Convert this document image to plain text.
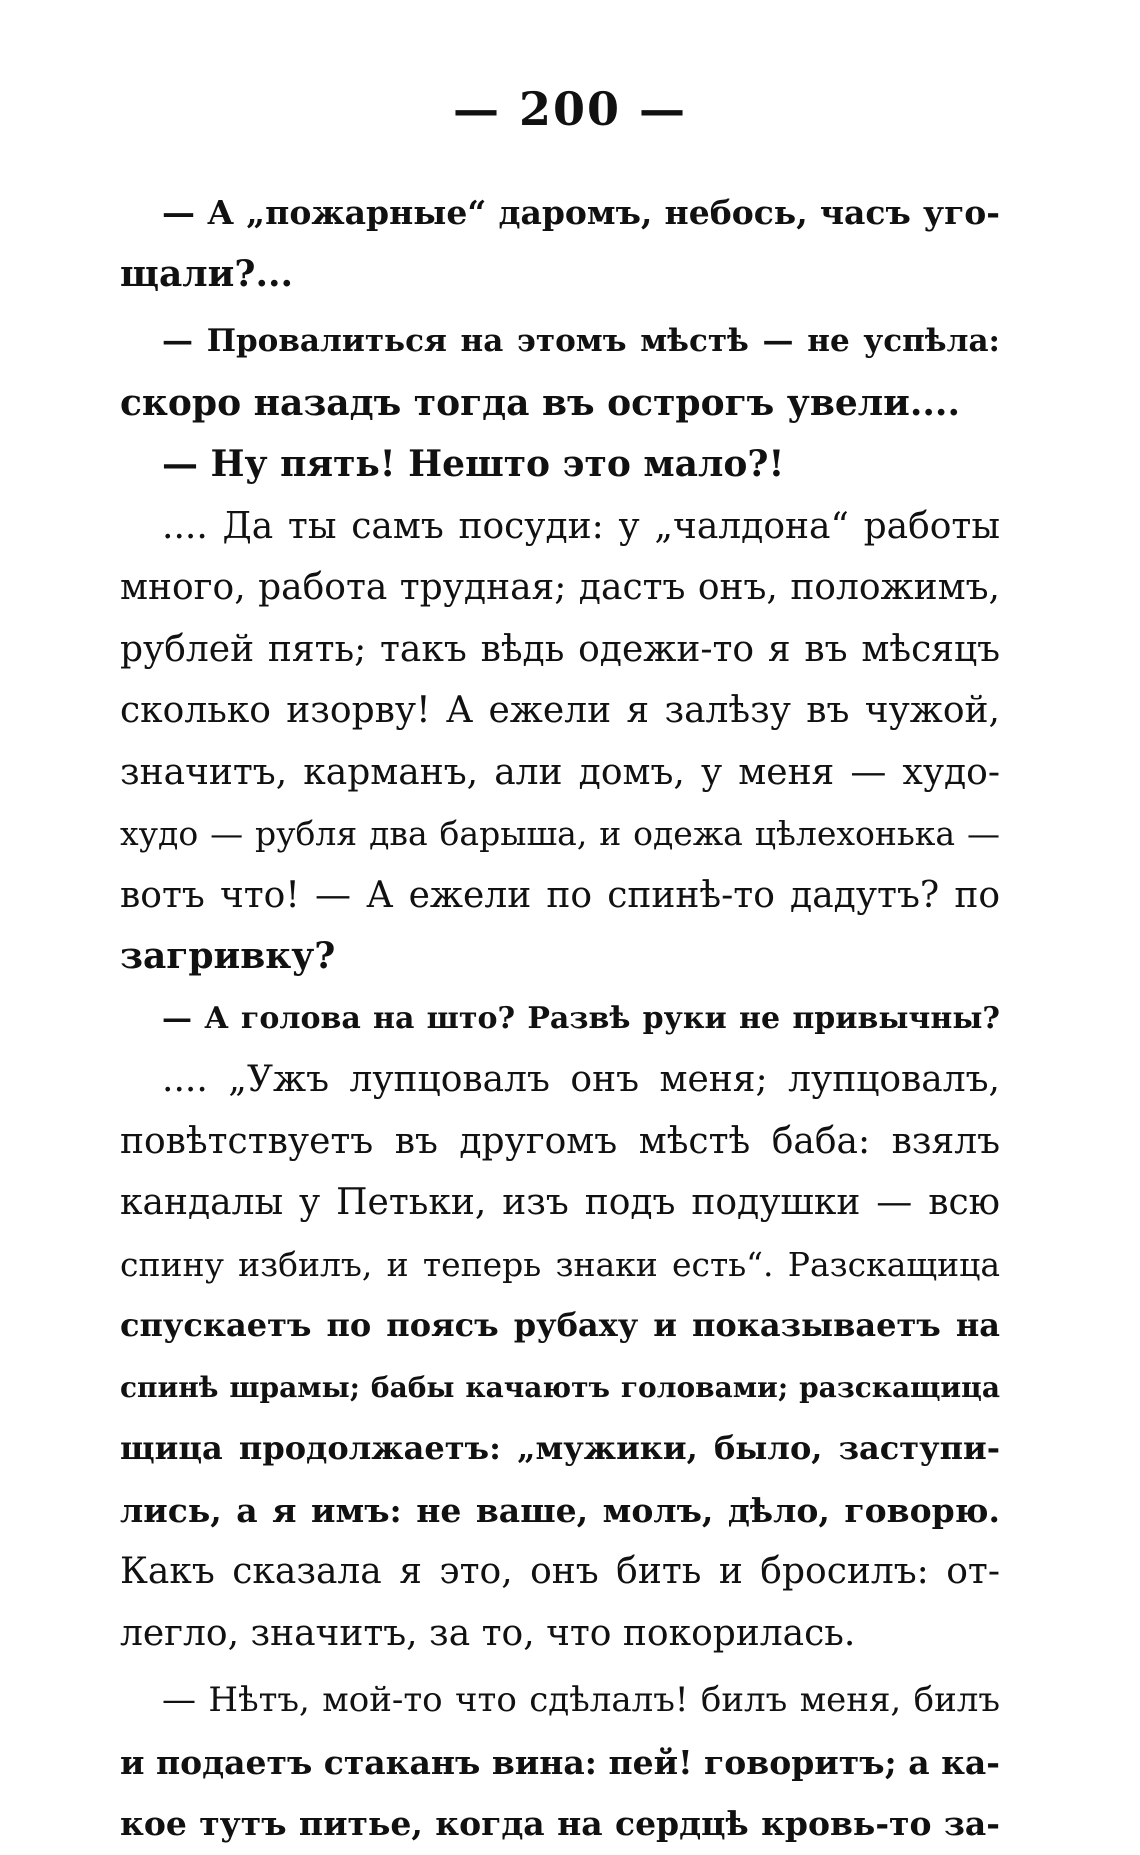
— 200 —
— А „пожарные“ даромъ, небось, часъ уго-
щали?...
— Провалиться на этомъ мѣстѣ — не успѣла:
скоро назадъ тогда въ острогъ увели....
— Ну пять! Нешто это мало?!
.... Да ты самъ посуди: у „чалдона“ работы
много, работа трудная; дастъ онъ, положимъ,
рублей пять; такъ вѣдь одежи-то я въ мѣсяцъ
сколько изорву! А ежели я залѣзу въ чужой,
значитъ, карманъ, али домъ, у меня — худо-
худо — рубля два барыша, и одежа цѣлехонька —
вотъ что! — А ежели по спинѣ-то дадутъ? по
загривку?
— А голова на што? Развѣ руки не привычны?
.... „Ужъ лупцовалъ онъ меня; лупцовалъ,
повѣтствуетъ въ другомъ мѣстѣ баба: взялъ
кандалы у Петьки, изъ подъ подушки — всю
спину избилъ, и теперь знаки есть“. Разскащица
спускаетъ по поясъ рубаху и показываетъ на
спинѣ шрамы; бабы качаютъ головами; разскащица
щица продолжаетъ: „мужики, было, заступи-
лись, а я имъ: не ваше, молъ, дѣло, говорю.
Какъ сказала я это, онъ бить и бросилъ: от-
легло, значитъ, за то, что покорилась.
— Нѣтъ, мой-то что сдѣлалъ! билъ меня, билъ
и подаетъ стаканъ вина: пей! говоритъ; а ка-
кое тутъ питье, когда на сердцѣ кровь-то за-
